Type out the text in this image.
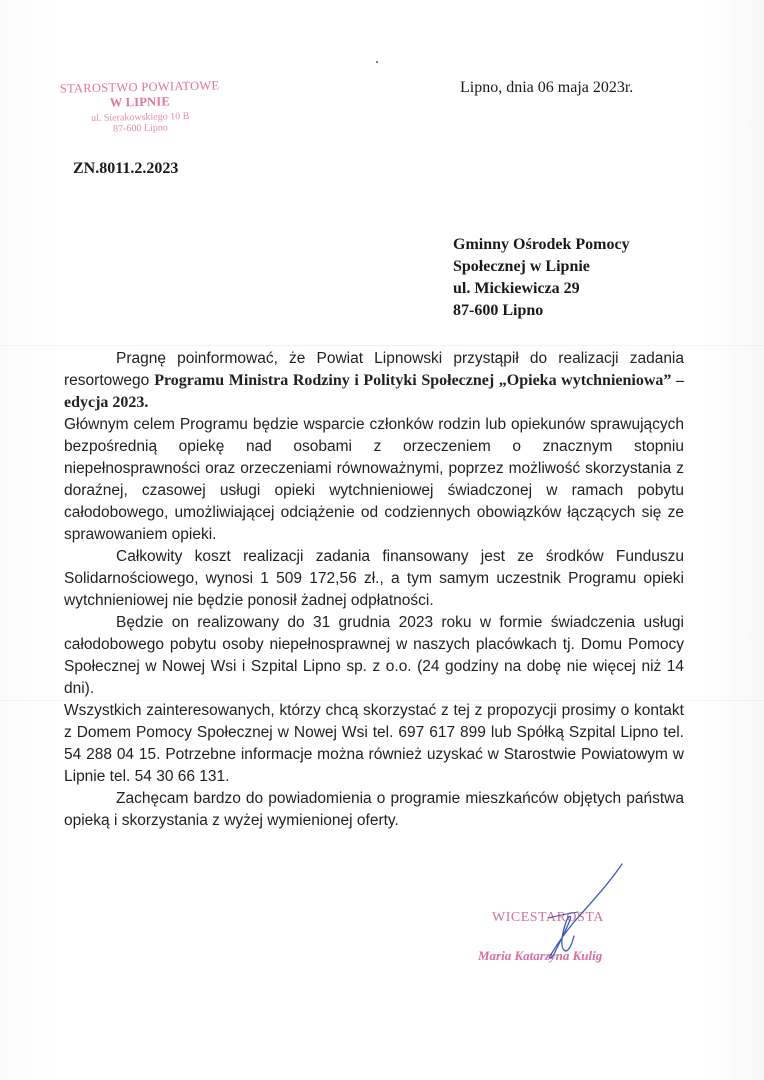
STAROSTWO POWIATOWE
W LIPNIE
ul. Sierakowskiego 10 B
87-600 Lipno
Lipno, dnia 06 maja 2023r.
ZN.8011.2.2023
Gminny Ośrodek Pomocy
Społecznej w Lipnie
ul. Mickiewicza 29
87-600 Lipno

Pragnę poinformować, że Powiat Lipnowski przystąpił do realizacji zadania resortowego Programu Ministra Rodziny i Polityki Społecznej „Opieka wytchnieniowa” – edycja 2023.

Głównym celem Programu będzie wsparcie członków rodzin lub opiekunów sprawujących bezpośrednią opiekę nad osobami z orzeczeniem o znacznym stopniu niepełnosprawności oraz orzeczeniami równoważnymi, poprzez możliwość skorzystania z doraźnej, czasowej usługi opieki wytchnieniowej świadczonej w ramach pobytu całodobowego, umożliwiającej odciążenie od codziennych obowiązków łączących się ze sprawowaniem opieki.

Całkowity koszt realizacji zadania finansowany jest ze środków Funduszu Solidarnościowego, wynosi 1 509 172,56 zł., a tym samym uczestnik Programu opieki wytchnieniowej nie będzie ponosił żadnej odpłatności.

Będzie on realizowany do 31 grudnia 2023 roku w formie świadczenia usługi całodobowego pobytu osoby niepełnosprawnej w naszych placówkach tj. Domu Pomocy Społecznej w Nowej Wsi i Szpital Lipno sp. z o.o. (24 godziny na dobę nie więcej niż 14 dni).

Wszystkich zainteresowanych, którzy chcą skorzystać z tej z propozycji prosimy o kontakt z Domem Pomocy Społecznej w Nowej Wsi tel. 697 617 899 lub Spółką Szpital Lipno tel. 54 288 04 15. Potrzebne informacje można również uzyskać w Starostwie Powiatowym w Lipnie tel. 54 30 66 131.

Zachęcam bardzo do powiadomienia o programie mieszkańców objętych państwa opieką i skorzystania z wyżej wymienionej oferty.

WICESTAROSTA
Maria Katarzyna Kulig
